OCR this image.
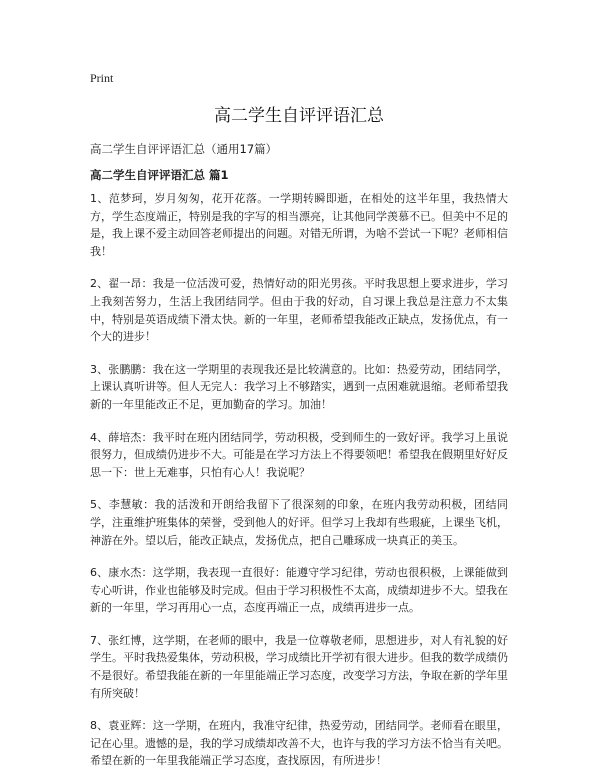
Print

高二学生自评评语汇总

高二学生自评评语汇总（通用17篇）

高二学生自评评语汇总 篇1

1、范梦珂，岁月匆匆，花开花落。一学期转瞬即逝，在相处的这半年里，我热情大方，学生态度端正，特别是我的字写的相当漂亮，让其他同学羡慕不已。但美中不足的是，我上课不爱主动回答老师提出的问题。对错无所谓，为啥不尝试一下呢？老师相信我！

2、翟一昂：我是一位活泼可爱，热情好动的阳光男孩。平时我思想上要求进步，学习上我刻苦努力，生活上我团结同学。但由于我的好动，自习课上我总是注意力不太集中，特别是英语成绩下滑太快。新的一年里，老师希望我能改正缺点，发扬优点，有一个大的进步！

3、张鹏鹏：我在这一学期里的表现我还是比较满意的。比如：热爱劳动，团结同学，上课认真听讲等。但人无完人：我学习上不够踏实，遇到一点困难就退缩。老师希望我新的一年里能改正不足，更加勤奋的学习。加油！

4、薛培杰：我平时在班内团结同学，劳动积极，受到师生的一致好评。我学习上虽说很努力，但成绩仍进步不大。可能是在学习方法上不得要领吧！希望我在假期里好好反思一下：世上无难事，只怕有心人！我说呢？

5、李慧敏：我的活泼和开朗给我留下了很深刻的印象，在班内我劳动积极，团结同学，注重维护班集体的荣誉，受到他人的好评。但学习上我却有些瑕疵，上课坐飞机，神游在外。望以后，能改正缺点，发扬优点，把自己雕琢成一块真正的美玉。

6、康水杰：这学期，我表现一直很好：能遵守学习纪律，劳动也很积极，上课能做到专心听讲，作业也能够及时完成。但由于学习积极性不太高，成绩却进步不大。望我在新的一年里，学习再用心一点，态度再端正一点，成绩再进步一点。

7、张红博，这学期，在老师的眼中，我是一位尊敬老师，思想进步，对人有礼貌的好学生。平时我热爱集体，劳动积极，学习成绩比开学初有很大进步。但我的数学成绩仍不是很好。希望我能在新的一年里能端正学习态度，改变学习方法，争取在新的学年里有所突破！

8、袁亚辉：这一学期，在班内，我准守纪律，热爱劳动，团结同学。老师看在眼里，记在心里。遗憾的是，我的学习成绩却改善不大，也许与我的学习方法不恰当有关吧。希望在新的一年里我能端正学习态度，查找原因，有所进步！
